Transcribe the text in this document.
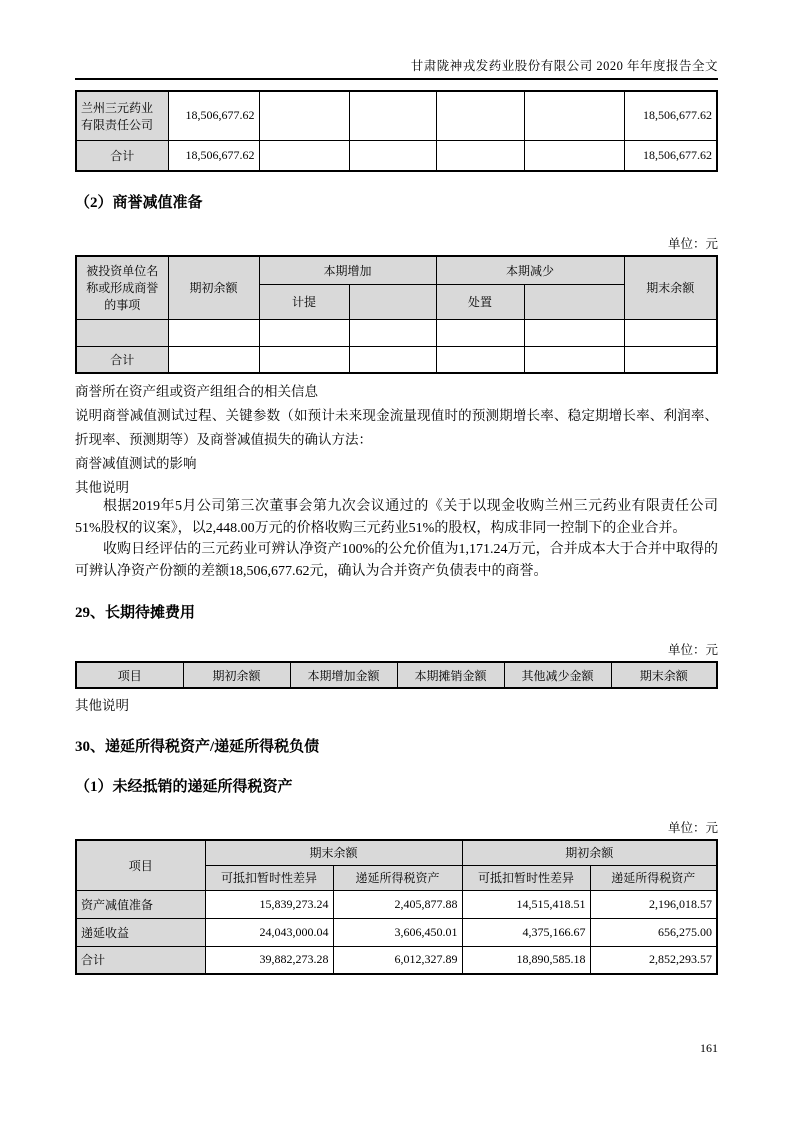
甘肃陇神戎发药业股份有限公司 2020 年年度报告全文
兰州三元药业有限责任公司	18,506,677.62					18,506,677.62
合计	18,506,677.62					18,506,677.62
（2）商誉减值准备
单位：元
被投资单位名称或形成商誉的事项	期初余额	本期增加		本期减少		期末余额
		计提		处置		

合计						
商誉所在资产组或资产组组合的相关信息
说明商誉减值测试过程、关键参数（如预计未来现金流量现值时的预测期增长率、稳定期增长率、利润率、折现率、预测期等）及商誉减值损失的确认方法：
商誉减值测试的影响
其他说明

根据2019年5月公司第三次董事会第九次会议通过的《关于以现金收购兰州三元药业有限责任公司51%股权的议案》，以2,448.00万元的价格收购三元药业51%的股权，构成非同一控制下的企业合并。

收购日经评估的三元药业可辨认净资产100%的公允价值为1,171.24万元，合并成本大于合并中取得的可辨认净资产份额的差额18,506,677.62元，确认为合并资产负债表中的商誉。

29、长期待摊费用
单位：元
项目	期初余额	本期增加金额	本期摊销金额	其他减少金额	期末余额
其他说明
30、递延所得税资产/递延所得税负债
（1）未经抵销的递延所得税资产
单位：元
项目	期末余额		期初余额	
	可抵扣暂时性差异	递延所得税资产	可抵扣暂时性差异	递延所得税资产
资产减值准备	15,839,273.24	2,405,877.88	14,515,418.51	2,196,018.57
递延收益	24,043,000.04	3,606,450.01	4,375,166.67	656,275.00
合计	39,882,273.28	6,012,327.89	18,890,585.18	2,852,293.57
161
